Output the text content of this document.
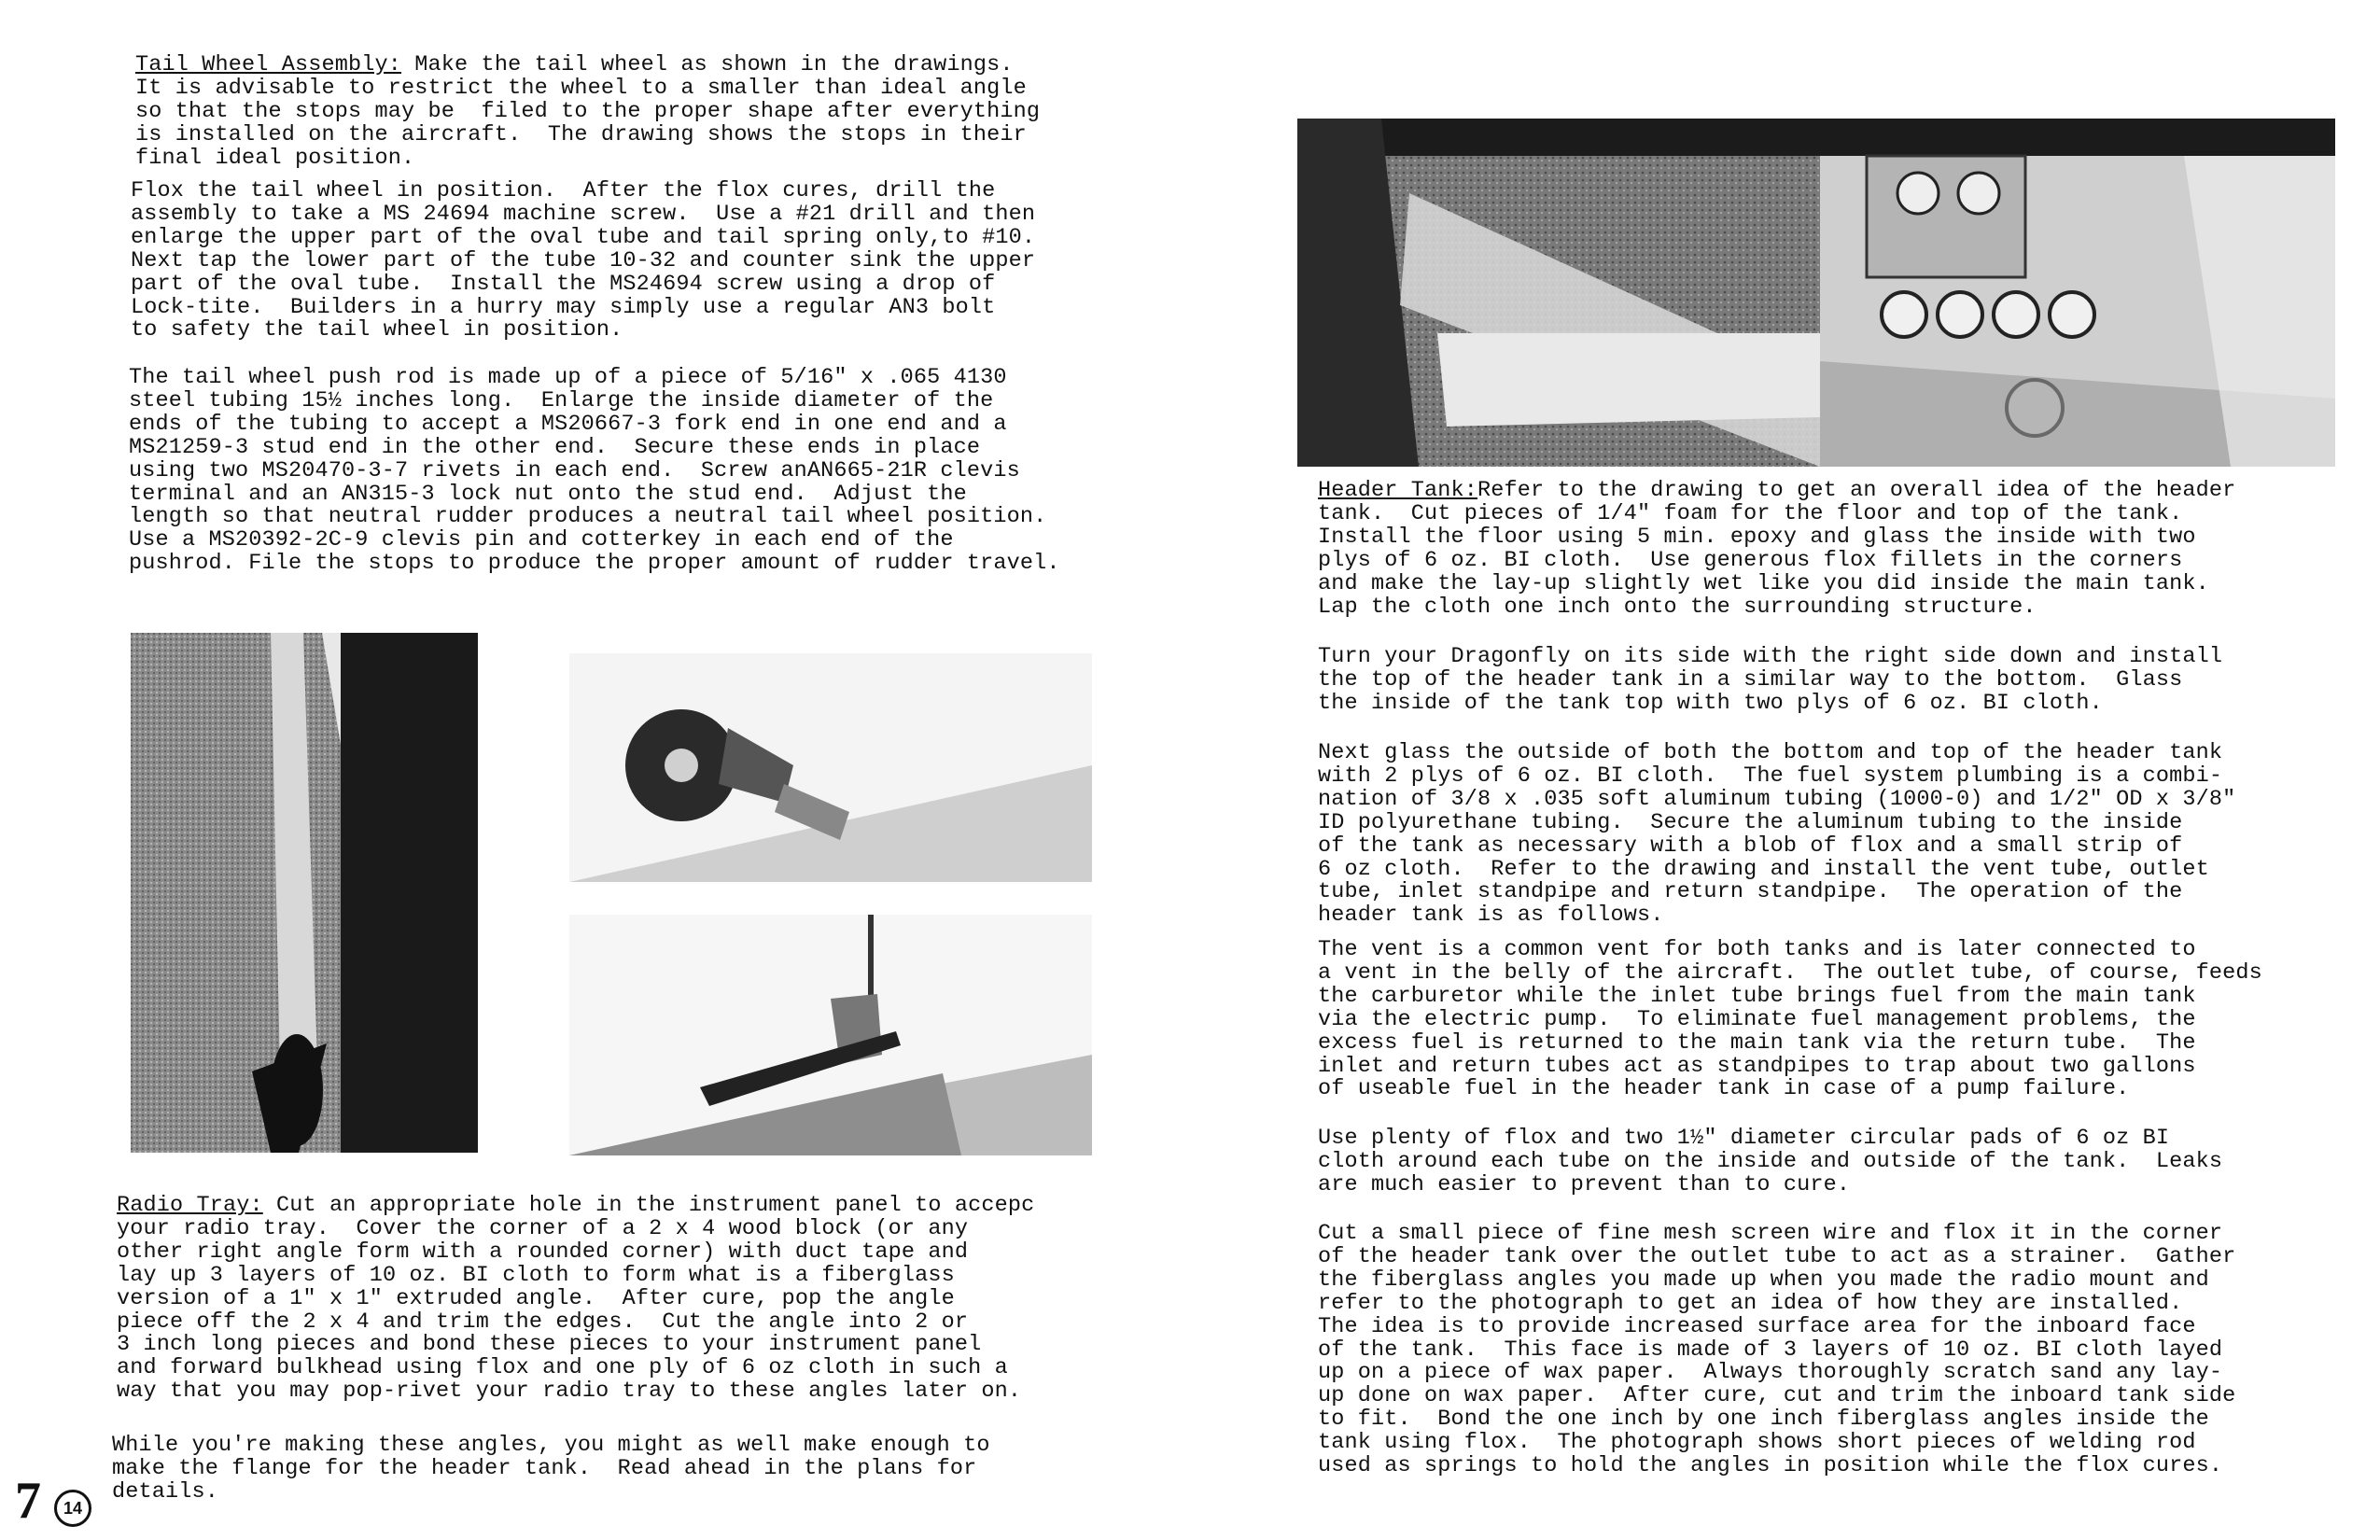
Tail Wheel Assembly: Make the tail wheel as shown in the drawings.
It is advisable to restrict the wheel to a smaller than ideal angle
so that the stops may be  filed to the proper shape after everything
is installed on the aircraft.  The drawing shows the stops in their
final ideal position.

Flox the tail wheel in position.  After the flox cures, drill the
assembly to take a MS 24694 machine screw.  Use a #21 drill and then
enlarge the upper part of the oval tube and tail spring only,to #10.
Next tap the lower part of the tube 10-32 and counter sink the upper
part of the oval tube.  Install the MS24694 screw using a drop of
Lock-tite.  Builders in a hurry may simply use a regular AN3 bolt
to safety the tail wheel in position.

The tail wheel push rod is made up of a piece of 5/16" x .065 4130
steel tubing 15½ inches long.  Enlarge the inside diameter of the
ends of the tubing to accept a MS20667-3 fork end in one end and a
MS21259-3 stud end in the other end.  Secure these ends in place
using two MS20470-3-7 rivets in each end.  Screw anAN665-21R clevis
terminal and an AN315-3 lock nut onto the stud end.  Adjust the
length so that neutral rudder produces a neutral tail wheel position.
Use a MS20392-2C-9 clevis pin and cotterkey in each end of the
pushrod. File the stops to produce the proper amount of rudder travel.

Radio Tray: Cut an appropriate hole in the instrument panel to accepc
your radio tray.  Cover the corner of a 2 x 4 wood block (or any
other right angle form with a rounded corner) with duct tape and
lay up 3 layers of 10 oz. BI cloth to form what is a fiberglass
version of a 1" x 1" extruded angle.  After cure, pop the angle
piece off the 2 x 4 and trim the edges.  Cut the angle into 2 or
3 inch long pieces and bond these pieces to your instrument panel
and forward bulkhead using flox and one ply of 6 oz cloth in such a
way that you may pop-rivet your radio tray to these angles later on.

While you're making these angles, you might as well make enough to
make the flange for the header tank.  Read ahead in the plans for
details.

7	14

Header Tank:Refer to the drawing to get an overall idea of the header
tank.  Cut pieces of 1/4" foam for the floor and top of the tank.
Install the floor using 5 min. epoxy and glass the inside with two
plys of 6 oz. BI cloth.  Use generous flox fillets in the corners
and make the lay-up slightly wet like you did inside the main tank.
Lap the cloth one inch onto the surrounding structure.

Turn your Dragonfly on its side with the right side down and install
the top of the header tank in a similar way to the bottom.  Glass
the inside of the tank top with two plys of 6 oz. BI cloth.

Next glass the outside of both the bottom and top of the header tank
with 2 plys of 6 oz. BI cloth.  The fuel system plumbing is a combi-
nation of 3/8 x .035 soft aluminum tubing (1000-0) and 1/2" OD x 3/8"
ID polyurethane tubing.  Secure the aluminum tubing to the inside
of the tank as necessary with a blob of flox and a small strip of
6 oz cloth.  Refer to the drawing and install the vent tube, outlet
tube, inlet standpipe and return standpipe.  The operation of the
header tank is as follows.

The vent is a common vent for both tanks and is later connected to
a vent in the belly of the aircraft.  The outlet tube, of course, feeds
the carburetor while the inlet tube brings fuel from the main tank
via the electric pump.  To eliminate fuel management problems, the
excess fuel is returned to the main tank via the return tube.  The
inlet and return tubes act as standpipes to trap about two gallons
of useable fuel in the header tank in case of a pump failure.

Use plenty of flox and two 1½" diameter circular pads of 6 oz BI
cloth around each tube on the inside and outside of the tank.  Leaks
are much easier to prevent than to cure.

Cut a small piece of fine mesh screen wire and flox it in the corner
of the header tank over the outlet tube to act as a strainer.  Gather
the fiberglass angles you made up when you made the radio mount and
refer to the photograph to get an idea of how they are installed.
The idea is to provide increased surface area for the inboard face
of the tank.  This face is made of 3 layers of 10 oz. BI cloth layed
up on a piece of wax paper.  Always thoroughly scratch sand any lay-
up done on wax paper.  After cure, cut and trim the inboard tank side
to fit.  Bond the one inch by one inch fiberglass angles inside the
tank using flox.  The photograph shows short pieces of welding rod
used as springs to hold the angles in position while the flox cures.
